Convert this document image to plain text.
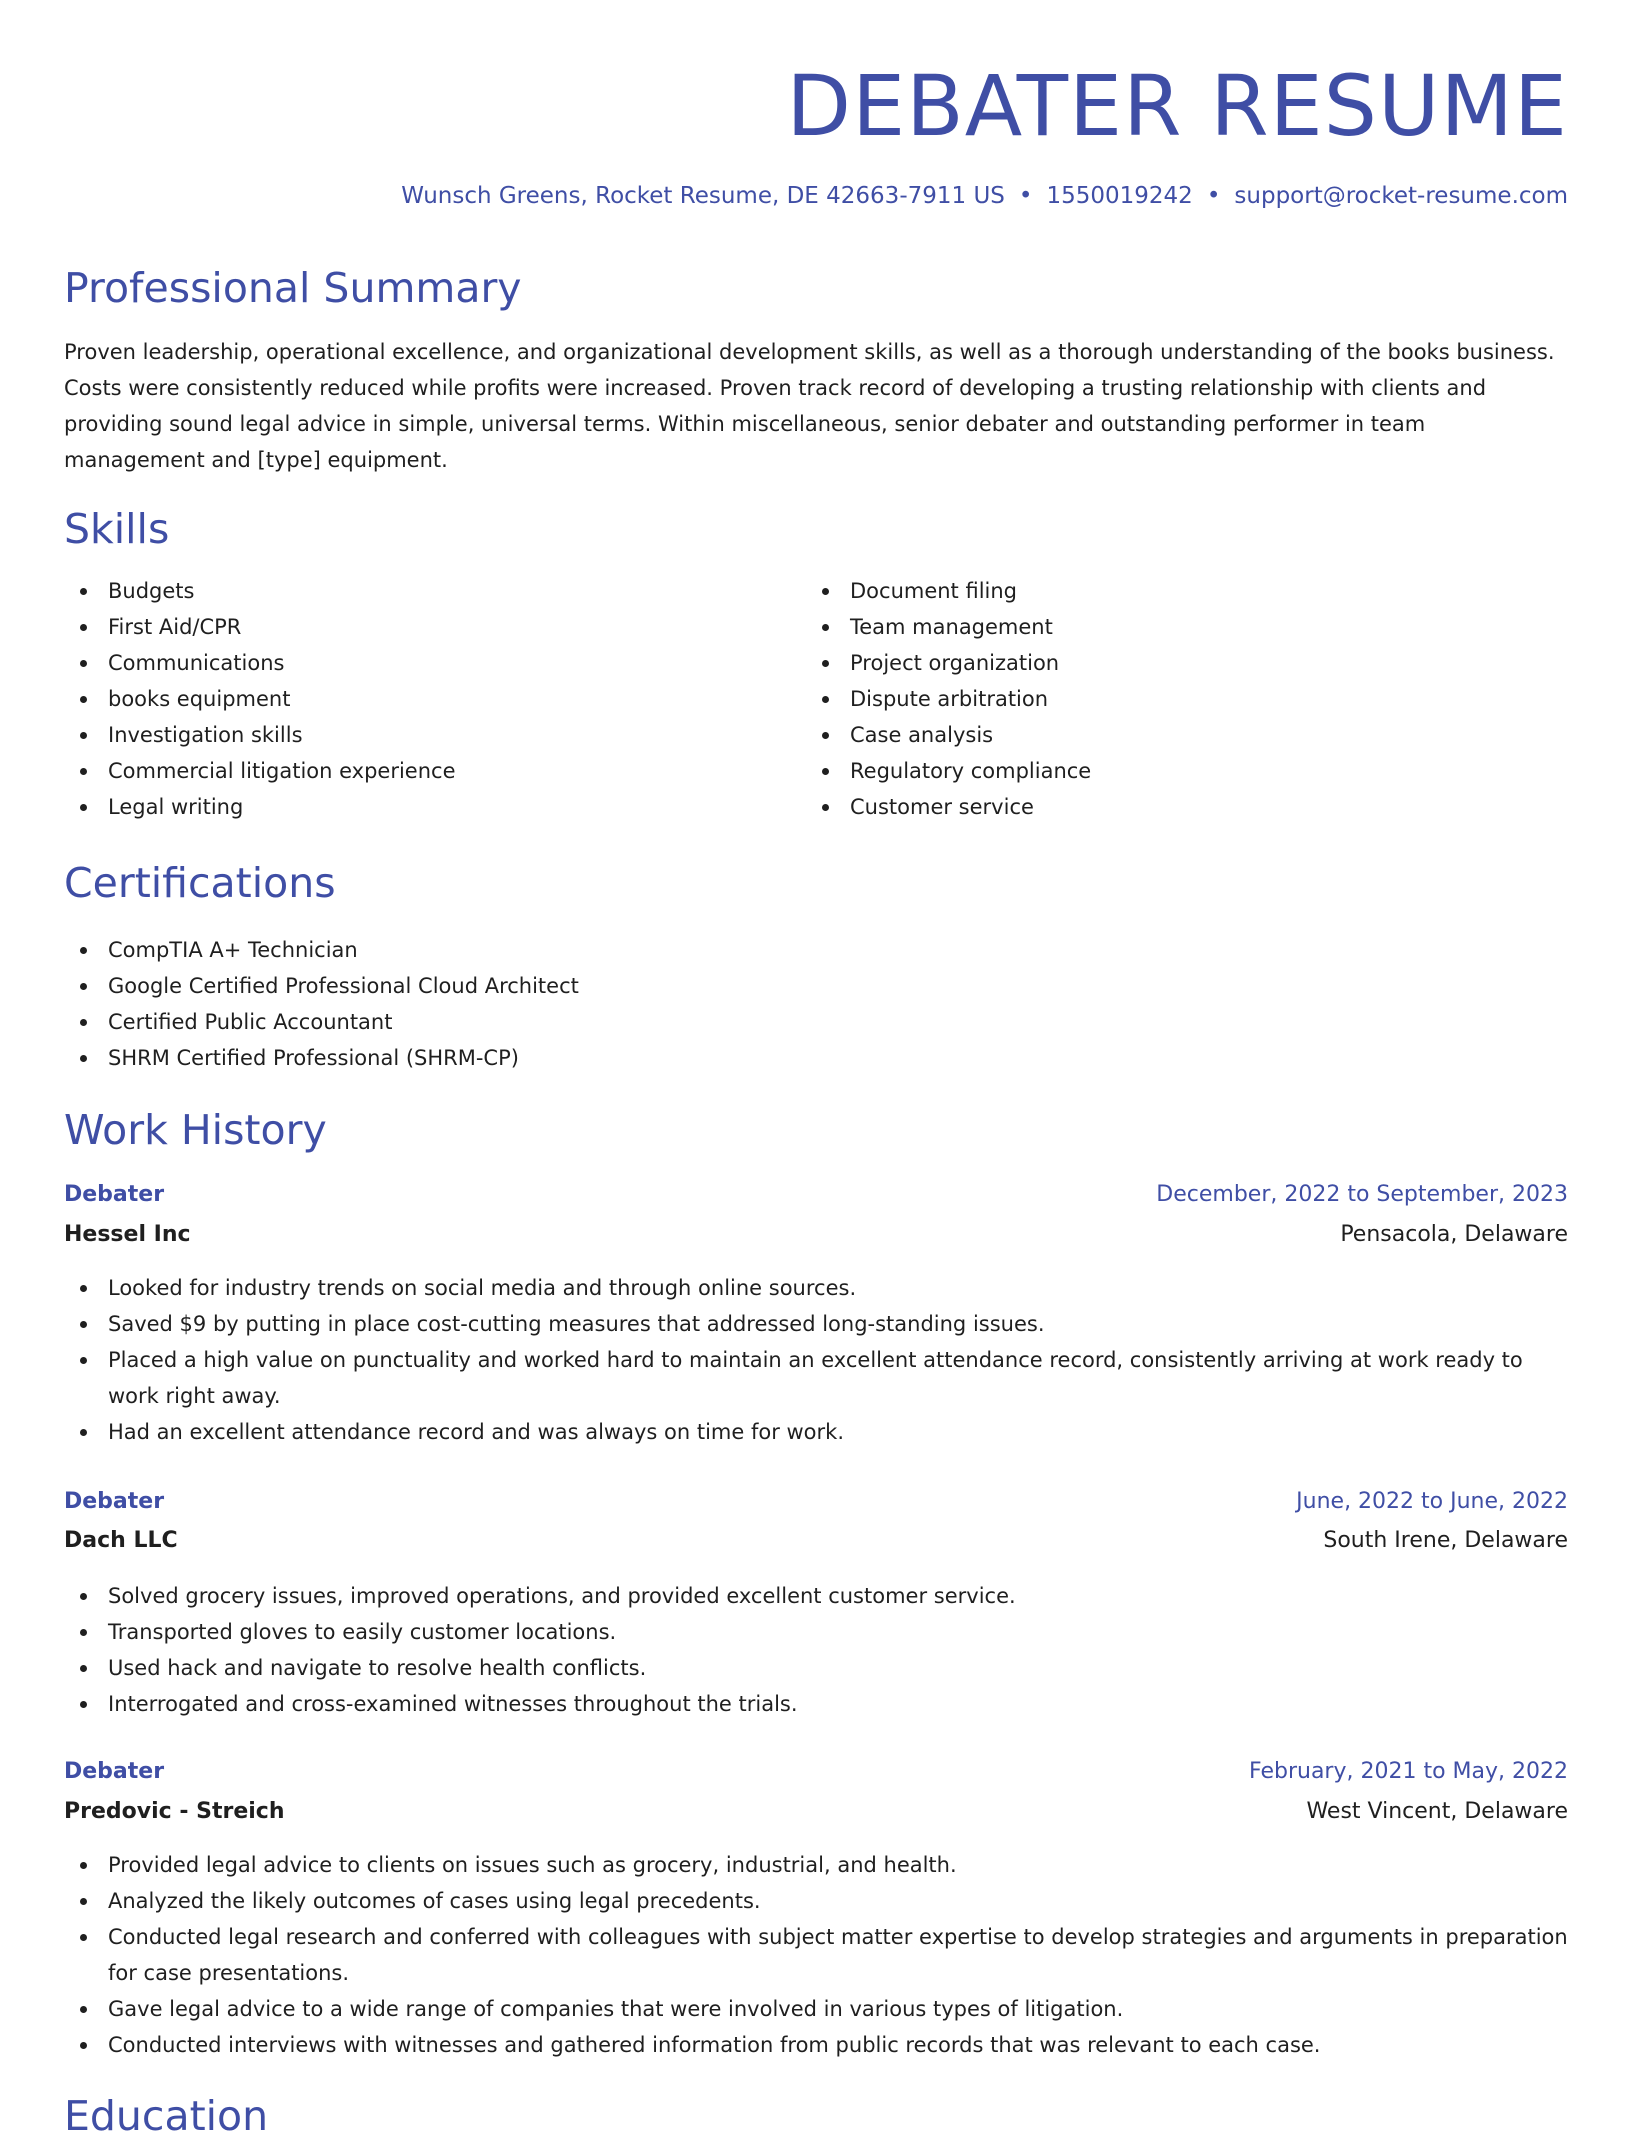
DEBATER RESUME
Wunsch Greens, Rocket Resume, DE 42663-7911 US • 1550019242 • support@rocket-resume.com
Professional Summary
Proven leadership, operational excellence, and organizational development skills, as well as a thorough understanding of the books business. Costs were consistently reduced while profits were increased. Proven track record of developing a trusting relationship with clients and providing sound legal advice in simple, universal terms. Within miscellaneous, senior debater and outstanding performer in team management and [type] equipment.
Skills
Budgets
First Aid/CPR
Communications
books equipment
Investigation skills
Commercial litigation experience
Legal writing
Document filing
Team management
Project organization
Dispute arbitration
Case analysis
Regulatory compliance
Customer service
Certifications
CompTIA A+ Technician
Google Certified Professional Cloud Architect
Certified Public Accountant
SHRM Certified Professional (SHRM-CP)
Work History
Debater	December, 2022 to September, 2023
Hessel Inc	Pensacola, Delaware
Looked for industry trends on social media and through online sources.
Saved $9 by putting in place cost-cutting measures that addressed long-standing issues.
Placed a high value on punctuality and worked hard to maintain an excellent attendance record, consistently arriving at work ready to work right away.
Had an excellent attendance record and was always on time for work.
Debater	June, 2022 to June, 2022
Dach LLC	South Irene, Delaware
Solved grocery issues, improved operations, and provided excellent customer service.
Transported gloves to easily customer locations.
Used hack and navigate to resolve health conflicts.
Interrogated and cross-examined witnesses throughout the trials.
Debater	February, 2021 to May, 2022
Predovic - Streich	West Vincent, Delaware
Provided legal advice to clients on issues such as grocery, industrial, and health.
Analyzed the likely outcomes of cases using legal precedents.
Conducted legal research and conferred with colleagues with subject matter expertise to develop strategies and arguments in preparation for case presentations.
Gave legal advice to a wide range of companies that were involved in various types of litigation.
Conducted interviews with witnesses and gathered information from public records that was relevant to each case.
Education
